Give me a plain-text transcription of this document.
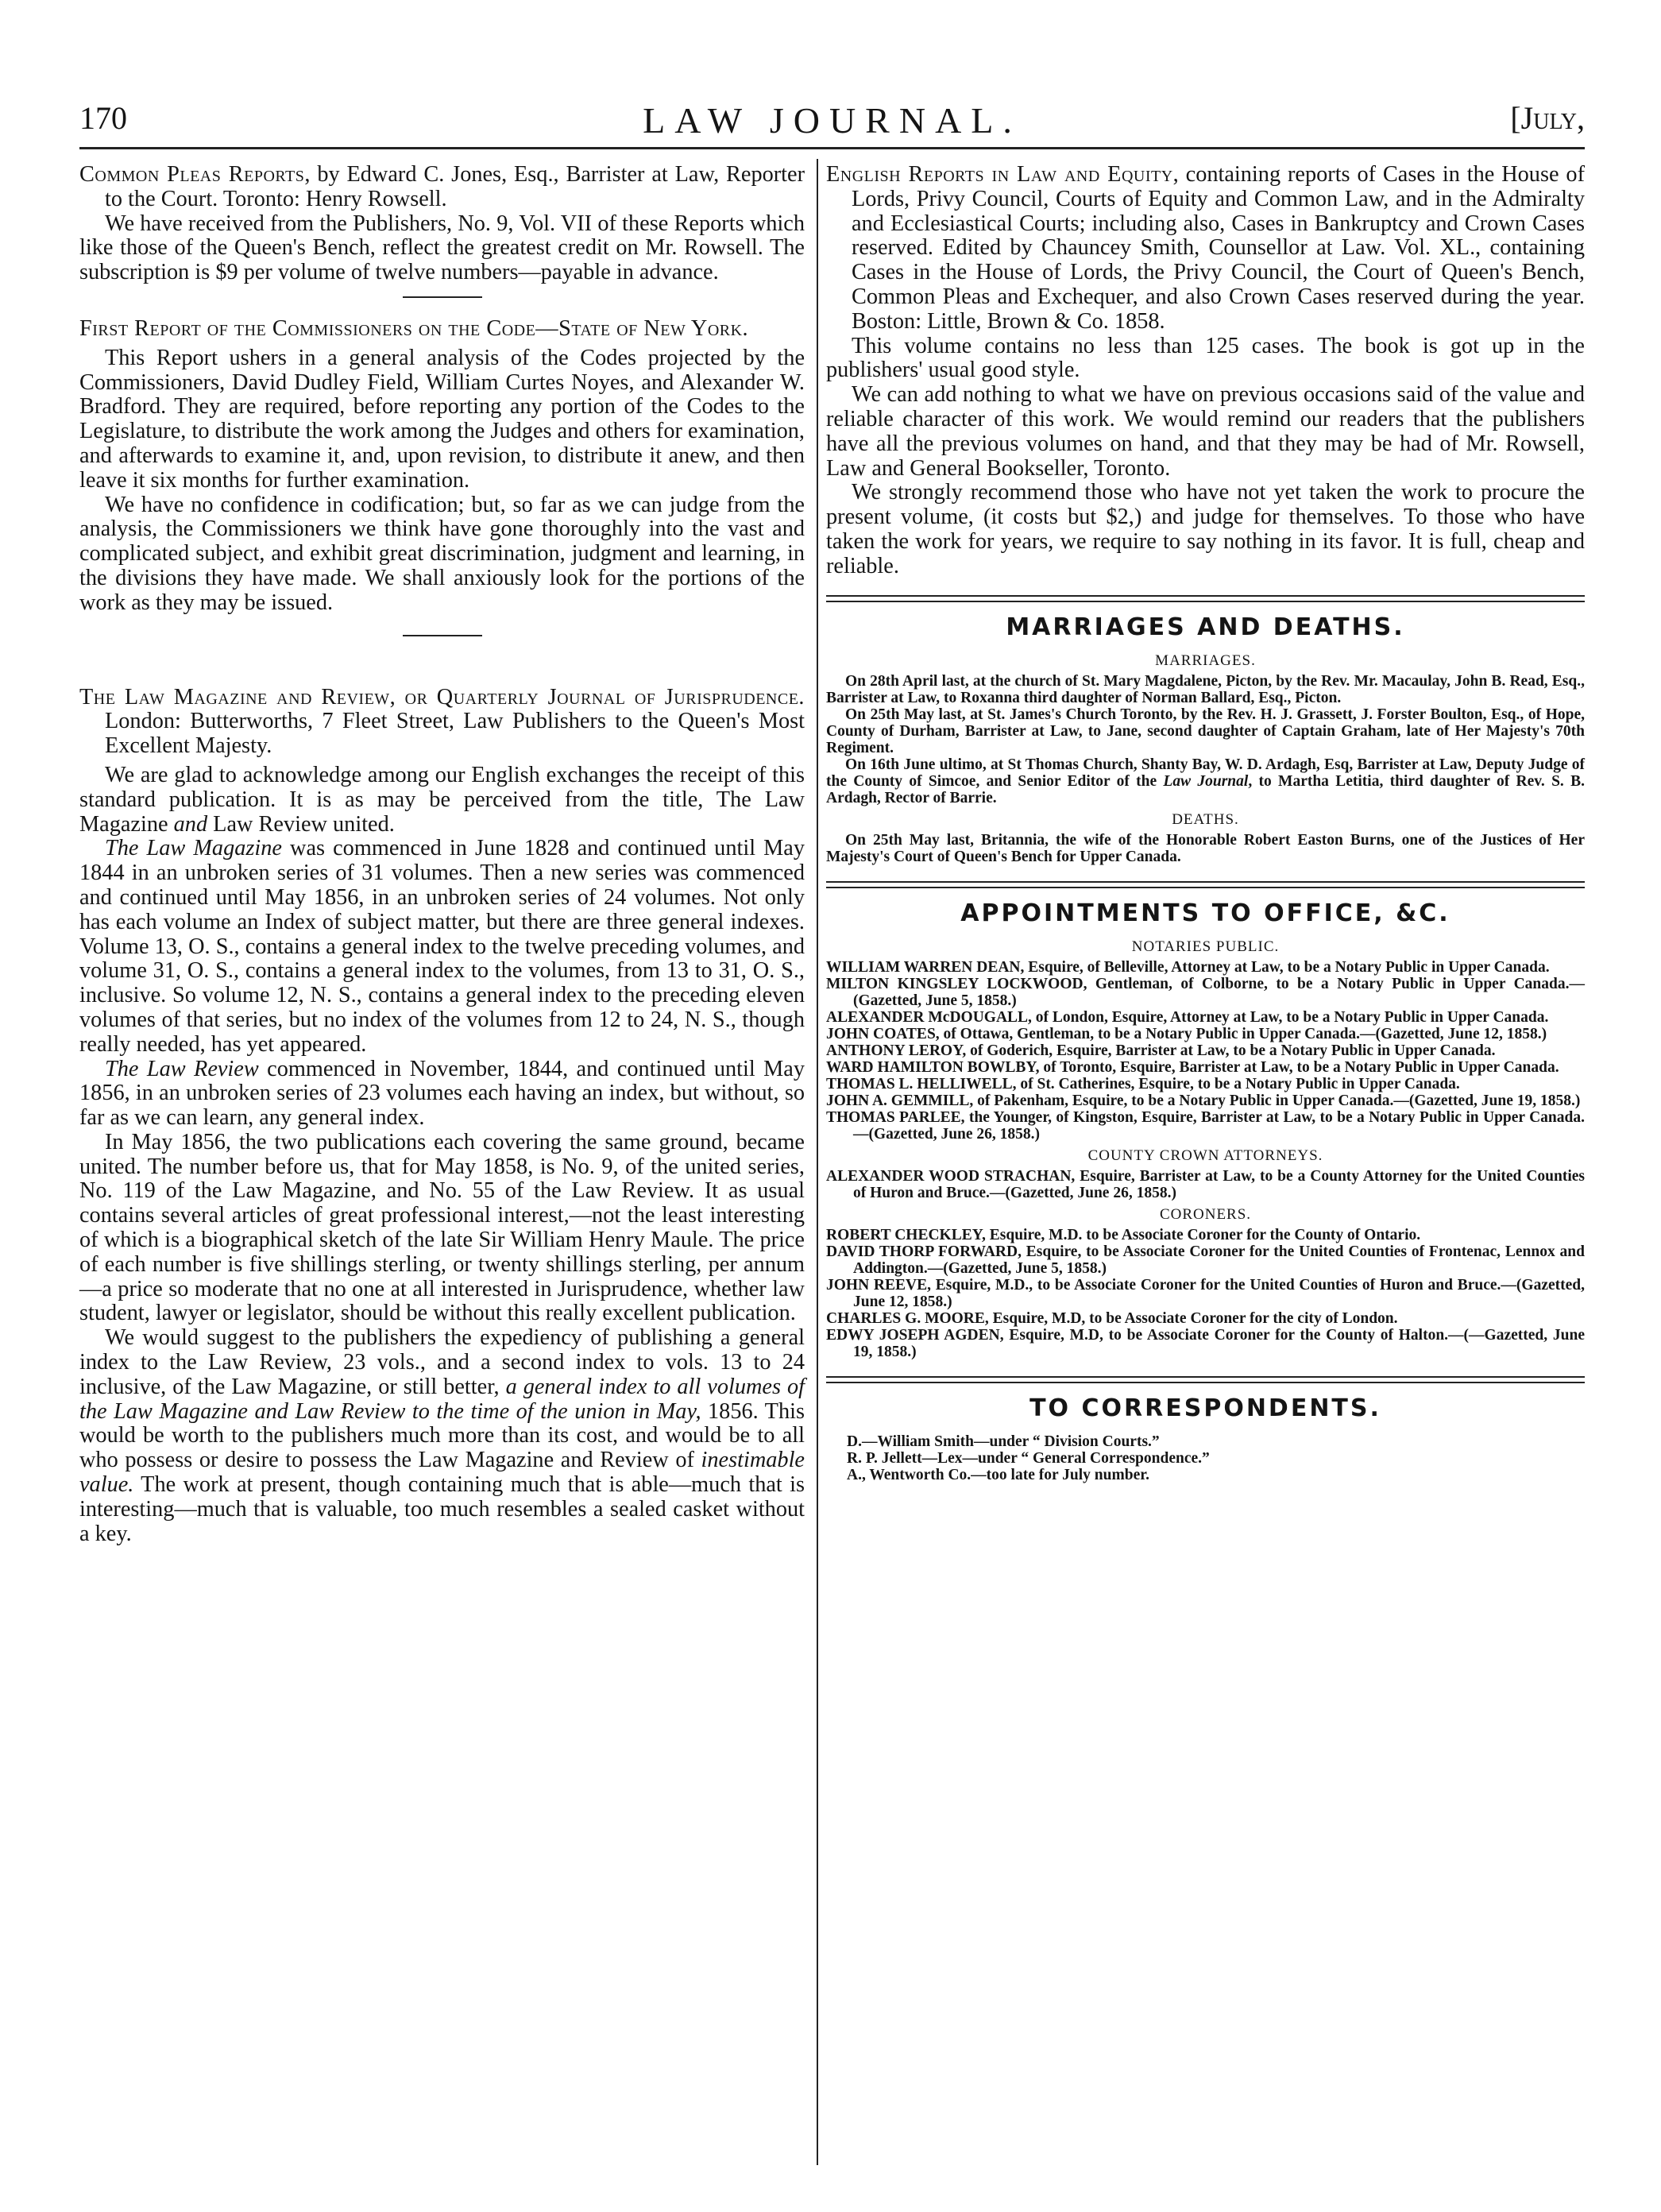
170	LAW JOURNAL.	[July,

Common Pleas Reports, by Edward C. Jones, Esq., Barrister at Law, Reporter to the Court. Toronto: Henry Rowsell.

We have received from the Publishers, No. 9, Vol. VII of these Reports which like those of the Queen's Bench, reflect the greatest credit on Mr. Rowsell. The subscription is $9 per volume of twelve numbers—payable in advance.

First Report of the Commissioners on the Code—State of New York.

This Report ushers in a general analysis of the Codes projected by the Commissioners, David Dudley Field, William Curtes Noyes, and Alexander W. Bradford. They are required, before reporting any portion of the Codes to the Legislature, to distribute the work among the Judges and others for examination, and afterwards to examine it, and, upon revision, to distribute it anew, and then leave it six months for further examination.

We have no confidence in codification; but, so far as we can judge from the analysis, the Commissioners we think have gone thoroughly into the vast and complicated subject, and exhibit great discrimination, judgment and learning, in the divisions they have made. We shall anxiously look for the portions of the work as they may be issued.

The Law Magazine and Review, or Quarterly Journal of Jurisprudence. London: Butterworths, 7 Fleet Street, Law Publishers to the Queen's Most Excellent Majesty.

We are glad to acknowledge among our English exchanges the receipt of this standard publication. It is as may be perceived from the title, The Law Magazine and Law Review united.

The Law Magazine was commenced in June 1828 and continued until May 1844 in an unbroken series of 31 volumes. Then a new series was commenced and continued until May 1856, in an unbroken series of 24 volumes. Not only has each volume an Index of subject matter, but there are three general indexes. Volume 13, O. S., contains a general index to the twelve preceding volumes, and volume 31, O. S., contains a general index to the volumes, from 13 to 31, O. S., inclusive. So volume 12, N. S., contains a general index to the preceding eleven volumes of that series, but no index of the volumes from 12 to 24, N. S., though really needed, has yet appeared.

The Law Review commenced in November, 1844, and continued until May 1856, in an unbroken series of 23 volumes each having an index, but without, so far as we can learn, any general index.

In May 1856, the two publications each covering the same ground, became united. The number before us, that for May 1858, is No. 9, of the united series, No. 119 of the Law Magazine, and No. 55 of the Law Review. It as usual contains several articles of great professional interest,—not the least interesting of which is a biographical sketch of the late Sir William Henry Maule. The price of each number is five shillings sterling, or twenty shillings sterling, per annum—a price so moderate that no one at all interested in Jurisprudence, whether law student, lawyer or legislator, should be without this really excellent publication.

We would suggest to the publishers the expediency of publishing a general index to the Law Review, 23 vols., and a second index to vols. 13 to 24 inclusive, of the Law Magazine, or still better, a general index to all volumes of the Law Magazine and Law Review to the time of the union in May, 1856. This would be worth to the publishers much more than its cost, and would be to all who possess or desire to possess the Law Magazine and Review of inestimable value. The work at present, though containing much that is able—much that is interesting—much that is valuable, too much resembles a sealed casket without a key.

English Reports in Law and Equity, containing reports of Cases in the House of Lords, Privy Council, Courts of Equity and Common Law, and in the Admiralty and Ecclesiastical Courts; including also, Cases in Bankruptcy and Crown Cases reserved. Edited by Chauncey Smith, Counsellor at Law. Vol. XL., containing Cases in the House of Lords, the Privy Council, the Court of Queen's Bench, Common Pleas and Exchequer, and also Crown Cases reserved during the year. Boston: Little, Brown & Co. 1858.

This volume contains no less than 125 cases. The book is got up in the publishers' usual good style.

We can add nothing to what we have on previous occasions said of the value and reliable character of this work. We would remind our readers that the publishers have all the previous volumes on hand, and that they may be had of Mr. Rowsell, Law and General Bookseller, Toronto.

We strongly recommend those who have not yet taken the work to procure the present volume, (it costs but $2,) and judge for themselves. To those who have taken the work for years, we require to say nothing in its favor. It is full, cheap and reliable.

MARRIAGES AND DEATHS.
MARRIAGES.

On 28th April last, at the church of St. Mary Magdalene, Picton, by the Rev. Mr. Macaulay, John B. Read, Esq., Barrister at Law, to Roxanna third daughter of Norman Ballard, Esq., Picton.

On 25th May last, at St. James's Church Toronto, by the Rev. H. J. Grassett, J. Forster Boulton, Esq., of Hope, County of Durham, Barrister at Law, to Jane, second daughter of Captain Graham, late of Her Majesty's 70th Regiment.

On 16th June ultimo, at St Thomas Church, Shanty Bay, W. D. Ardagh, Esq, Barrister at Law, Deputy Judge of the County of Simcoe, and Senior Editor of the Law Journal, to Martha Letitia, third daughter of Rev. S. B. Ardagh, Rector of Barrie.

DEATHS.

On 25th May last, Britannia, the wife of the Honorable Robert Easton Burns, one of the Justices of Her Majesty's Court of Queen's Bench for Upper Canada.

APPOINTMENTS TO OFFICE, &C.
NOTARIES PUBLIC.

WILLIAM WARREN DEAN, Esquire, of Belleville, Attorney at Law, to be a Notary Public in Upper Canada.

MILTON KINGSLEY LOCKWOOD, Gentleman, of Colborne, to be a Notary Public in Upper Canada.—(Gazetted, June 5, 1858.)

ALEXANDER McDOUGALL, of London, Esquire, Attorney at Law, to be a Notary Public in Upper Canada.

JOHN COATES, of Ottawa, Gentleman, to be a Notary Public in Upper Canada.—(Gazetted, June 12, 1858.)

ANTHONY LEROY, of Goderich, Esquire, Barrister at Law, to be a Notary Public in Upper Canada.

WARD HAMILTON BOWLBY, of Toronto, Esquire, Barrister at Law, to be a Notary Public in Upper Canada.

THOMAS L. HELLIWELL, of St. Catherines, Esquire, to be a Notary Public in Upper Canada.

JOHN A. GEMMILL, of Pakenham, Esquire, to be a Notary Public in Upper Canada.—(Gazetted, June 19, 1858.)

THOMAS PARLEE, the Younger, of Kingston, Esquire, Barrister at Law, to be a Notary Public in Upper Canada.—(Gazetted, June 26, 1858.)

COUNTY CROWN ATTORNEYS.

ALEXANDER WOOD STRACHAN, Esquire, Barrister at Law, to be a County Attorney for the United Counties of Huron and Bruce.—(Gazetted, June 26, 1858.)

CORONERS.

ROBERT CHECKLEY, Esquire, M.D. to be Associate Coroner for the County of Ontario.

DAVID THORP FORWARD, Esquire, to be Associate Coroner for the United Counties of Frontenac, Lennox and Addington.—(Gazetted, June 5, 1858.)

JOHN REEVE, Esquire, M.D., to be Associate Coroner for the United Counties of Huron and Bruce.—(Gazetted, June 12, 1858.)

CHARLES G. MOORE, Esquire, M.D, to be Associate Coroner for the city of London.

EDWY JOSEPH AGDEN, Esquire, M.D, to be Associate Coroner for the County of Halton.—(—Gazetted, June 19, 1858.)

TO CORRESPONDENTS.

D.—William Smith—under “ Division Courts.”

R. P. Jellett—Lex—under “ General Correspondence.”

A., Wentworth Co.—too late for July number.
